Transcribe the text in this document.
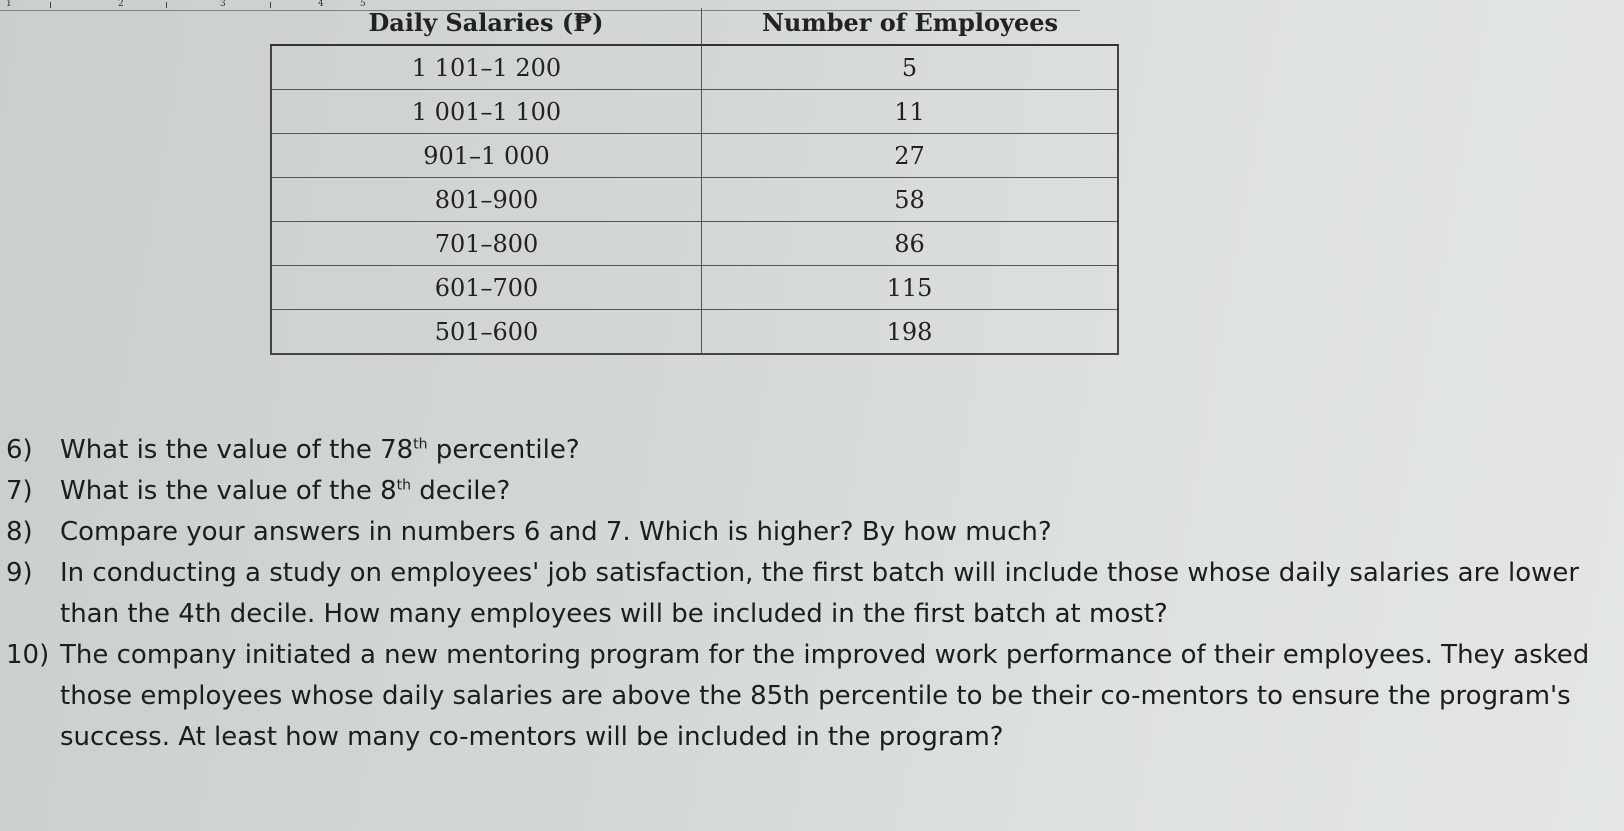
1	2	3	4	5
Daily Salaries (₱)	Number of Employees
1 101–1 200	5
1 001–1 100	11
901–1 000	27
801–900	58
701–800	86
601–700	115
501–600	198
6)	What is the value of the 78th percentile?
7)	What is the value of the 8th decile?
8)	Compare your answers in numbers 6 and 7. Which is higher? By how much?
9)	In conducting a study on employees' job satisfaction, the first batch will include those whose daily salaries are lower than the 4th decile. How many employees will be included in the first batch at most?
10) The company initiated a new mentoring program for the improved work performance of their employees. They asked those employees whose daily salaries are above the 85th percentile to be their co-mentors to ensure the program's success. At least how many co-mentors will be included in the program?
